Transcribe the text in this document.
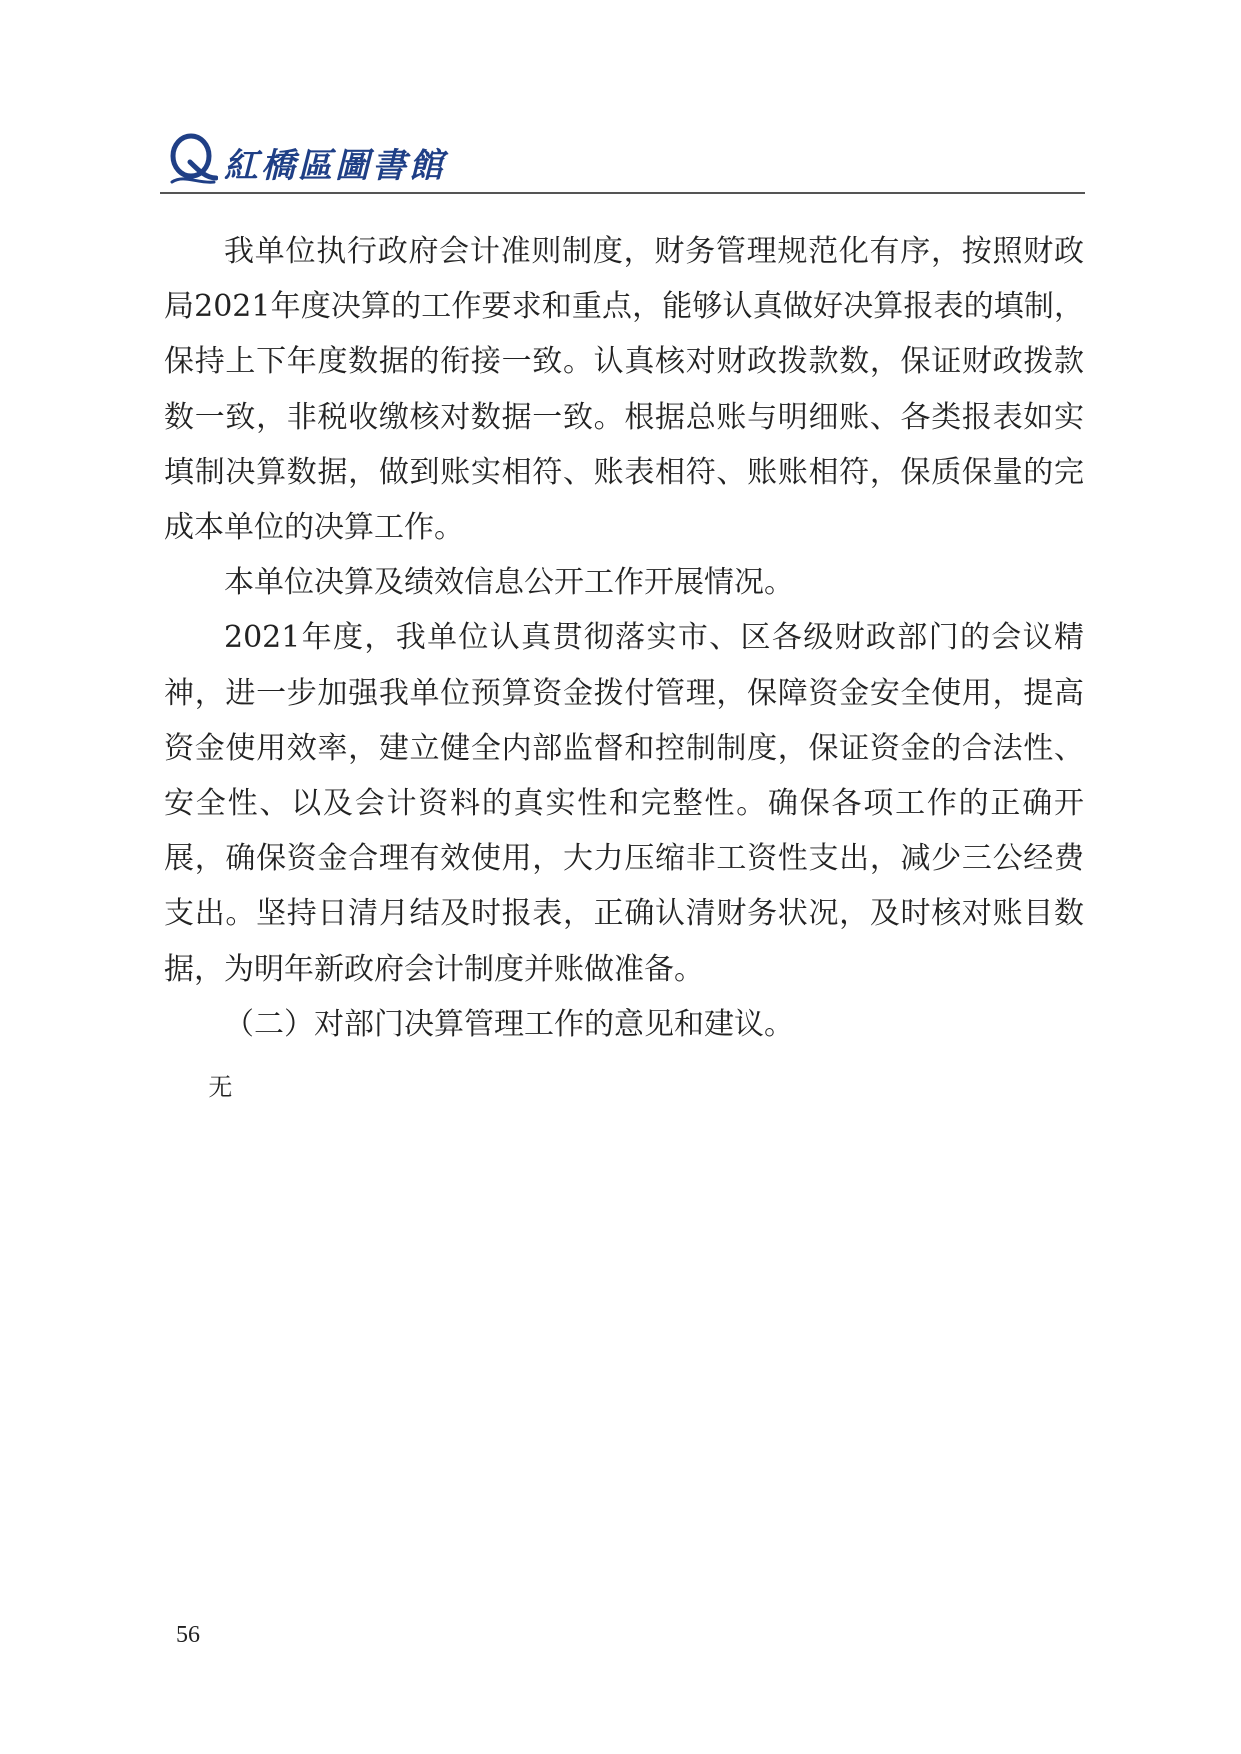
紅橋區圖書館

我单位执行政府会计准则制度，财务管理规范化有序，按照财政局2021年度决算的工作要求和重点，能够认真做好决算报表的填制，保持上下年度数据的衔接一致。认真核对财政拨款数，保证财政拨款数一致，非税收缴核对数据一致。根据总账与明细账、各类报表如实填制决算数据，做到账实相符、账表相符、账账相符，保质保量的完成本单位的决算工作。

本单位决算及绩效信息公开工作开展情况。

2021年度，我单位认真贯彻落实市、区各级财政部门的会议精神，进一步加强我单位预算资金拨付管理，保障资金安全使用，提高资金使用效率，建立健全内部监督和控制制度，保证资金的合法性、安全性、以及会计资料的真实性和完整性。确保各项工作的正确开展，确保资金合理有效使用，大力压缩非工资性支出，减少三公经费支出。坚持日清月结及时报表，正确认清财务状况，及时核对账目数据，为明年新政府会计制度并账做准备。

（二）对部门决算管理工作的意见和建议。

无

56
